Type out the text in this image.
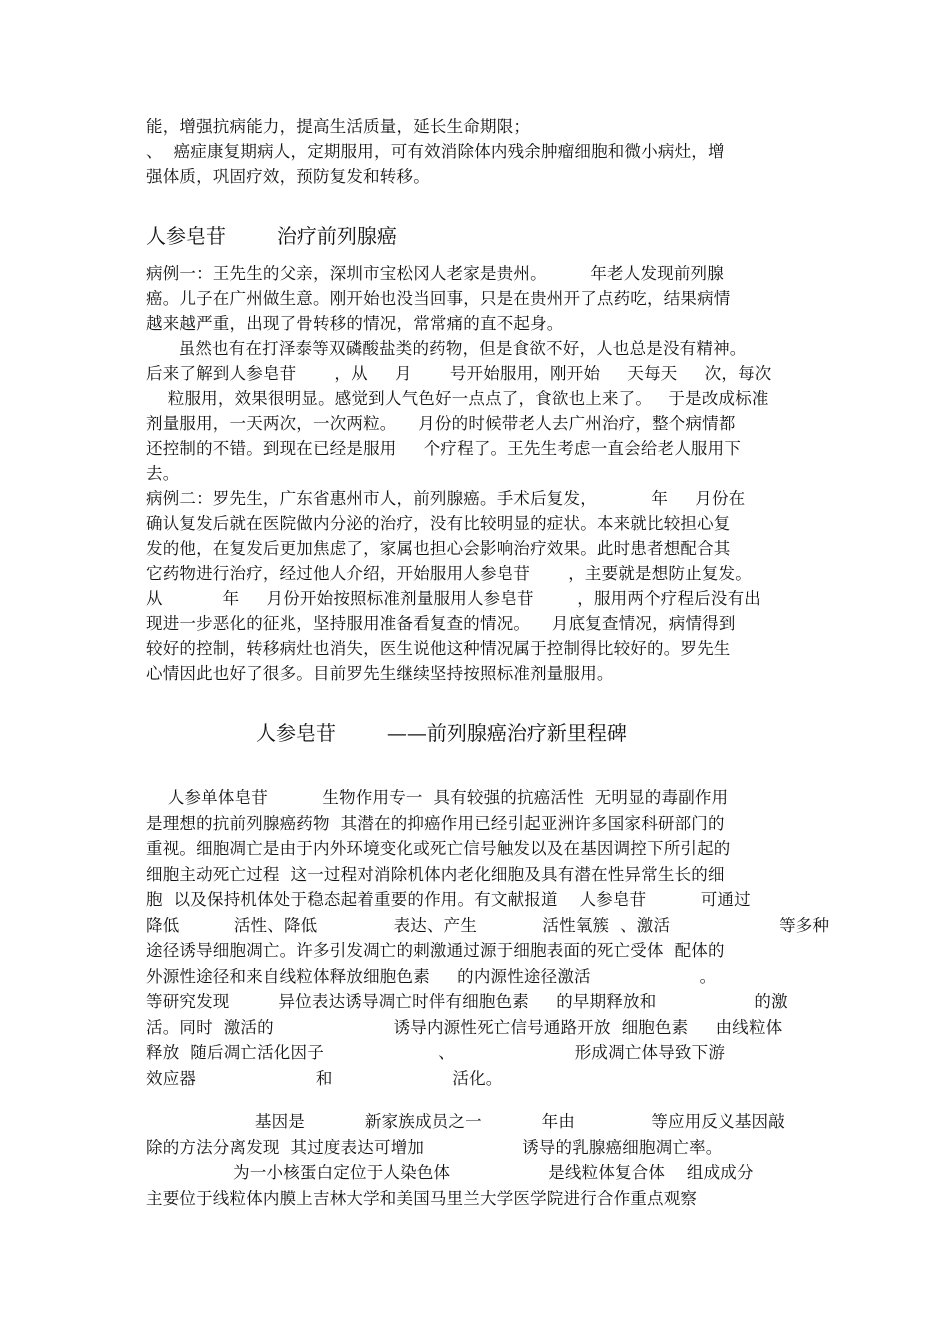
能，增强抗病能力，提高生活质量，延长生命期限；
、  癌症康复期病人，定期服用，可有效消除体内残余肿瘤细胞和微小病灶，增
强体质，巩固疗效，预防复发和转移。
人参皂苷        治疗前列腺癌
病例一：王先生的父亲，深圳市宝松冈人老家是贵州。        年老人发现前列腺
癌。儿子在广州做生意。刚开始也没当回事，只是在贵州开了点药吃，结果病情
越来越严重，出现了骨转移的情况，常常痛的直不起身。
虽然也有在打泽泰等双磷酸盐类的药物，但是食欲不好，人也总是没有精神。
后来了解到人参皂苷       ，从     月       号开始服用，刚开始     天每天     次，每次
粒服用，效果很明显。感觉到人气色好一点点了，食欲也上来了。   于是改成标准
剂量服用，一天两次，一次两粒。    月份的时候带老人去广州治疗，整个病情都
还控制的不错。到现在已经是服用     个疗程了。王先生考虑一直会给老人服用下
去。
病例二：罗先生，广东省惠州市人，前列腺癌。手术后复发，          年     月份在
确认复发后就在医院做内分泌的治疗，没有比较明显的症状。本来就比较担心复
发的他，在复发后更加焦虑了，家属也担心会影响治疗效果。此时患者想配合其
它药物进行治疗，经过他人介绍，开始服用人参皂苷       ，主要就是想防止复发。
从           年     月份开始按照标准剂量服用人参皂苷        ，服用两个疗程后没有出
现进一步恶化的征兆，坚持服用准备看复查的情况。    月底复查情况，病情得到
较好的控制，转移病灶也消失，医生说他这种情况属于控制得比较好的。罗先生
心情因此也好了很多。目前罗先生继续坚持按照标准剂量服用。
人参皂苷        ——前列腺癌治疗新里程碑
人参单体皂苷          生物作用专一  具有较强的抗癌活性  无明显的毒副作用
是理想的抗前列腺癌药物  其潜在的抑癌作用已经引起亚洲许多国家科研部门的
重视。细胞凋亡是由于内外环境变化或死亡信号触发以及在基因调控下所引起的
细胞主动死亡过程  这一过程对消除机体内老化细胞及具有潜在性异常生长的细
胞  以及保持机体处于稳态起着重要的作用。有文献报道    人参皂苷          可通过
降低          活性、降低              表达、产生            活性氧簇  、激活                    等多种
途径诱导细胞凋亡。许多引发凋亡的刺激通过源于细胞表面的死亡受体  配体的
外源性途径和来自线粒体释放细胞色素     的内源性途径激活                    。
等研究发现         异位表达诱导凋亡时伴有细胞色素     的早期释放和                  的激
活。同时  激活的                      诱导内源性死亡信号通路开放  细胞色素     由线粒体
释放  随后凋亡活化因子                     、                      形成凋亡体导致下游
效应器                      和                      活化。
基因是           新家族成员之一           年由              等应用反义基因敲
除的方法分离发现  其过度表达可增加                  诱导的乳腺癌细胞凋亡率。
为一小核蛋白定位于人染色体                  是线粒体复合体    组成成分
主要位于线粒体内膜上吉林大学和美国马里兰大学医学院进行合作重点观察
